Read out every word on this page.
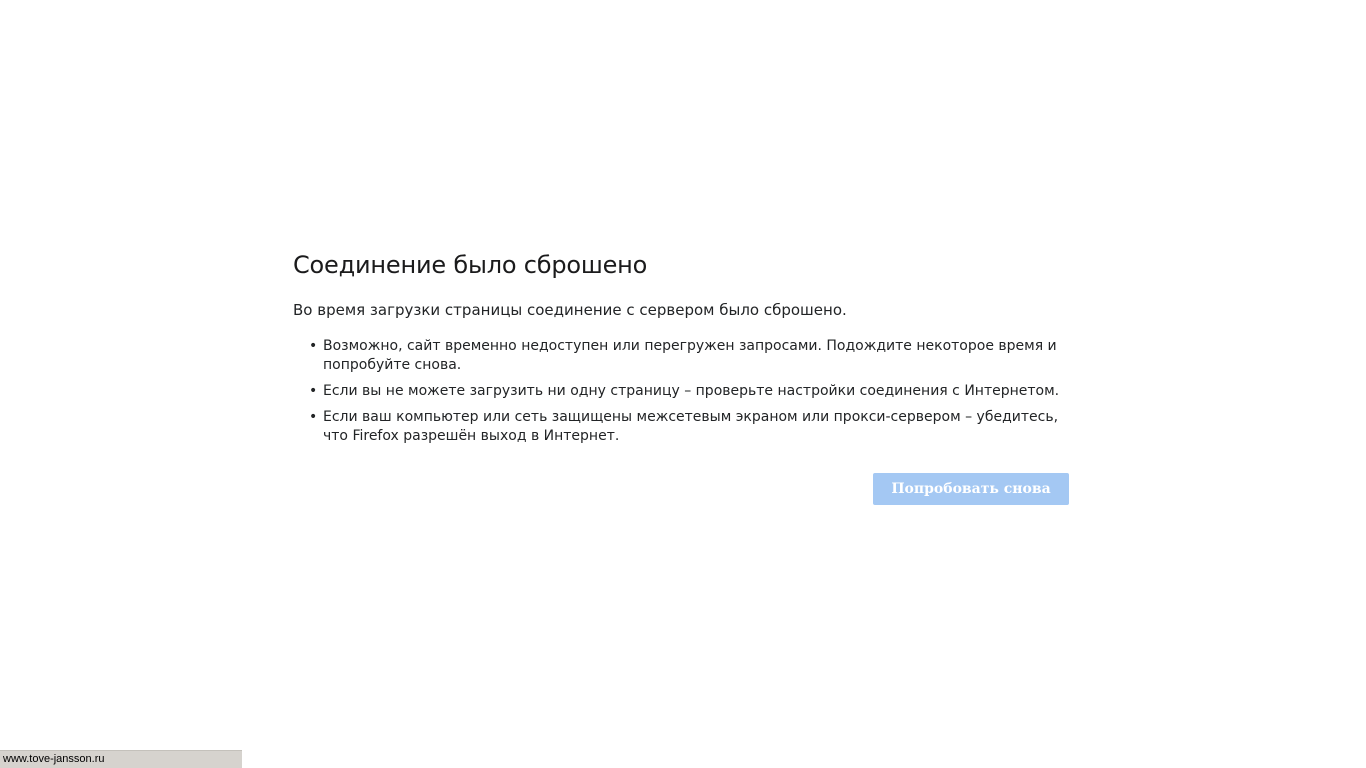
Соединение было сброшено

Во время загрузки страницы соединение с сервером было сброшено.

• Возможно, сайт временно недоступен или перегружен запросами. Подождите некоторое время и попробуйте снова.
• Если вы не можете загрузить ни одну страницу – проверьте настройки соединения с Интернетом.
• Если ваш компьютер или сеть защищены межсетевым экраном или прокси-сервером – убедитесь, что Firefox разрешён выход в Интернет.
Попробовать снова
www.tove-jansson.ru
